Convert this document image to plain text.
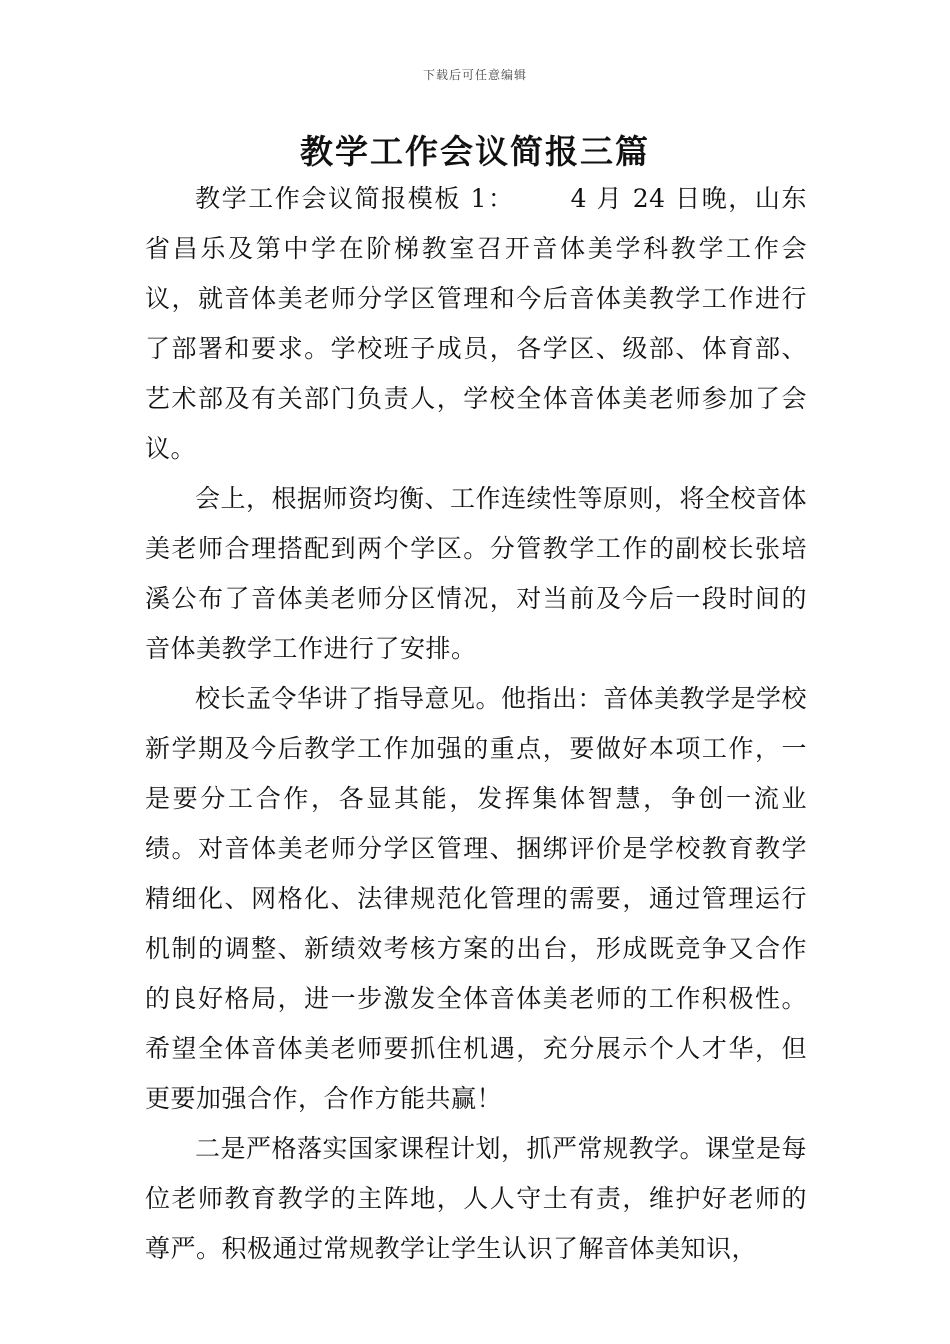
下载后可任意编辑
教学工作会议简报三篇

教学工作会议简报模板 1： 4 月 24 日晚，山东省昌乐及第中学在阶梯教室召开音体美学科教学工作会议，就音体美老师分学区管理和今后音体美教学工作进行了部署和要求。学校班子成员，各学区、级部、体育部、艺术部及有关部门负责人，学校全体音体美老师参加了会议。

会上，根据师资均衡、工作连续性等原则，将全校音体美老师合理搭配到两个学区。分管教学工作的副校长张培溪公布了音体美老师分区情况，对当前及今后一段时间的音体美教学工作进行了安排。

校长孟令华讲了指导意见。他指出：音体美教学是学校新学期及今后教学工作加强的重点，要做好本项工作，一是要分工合作，各显其能，发挥集体智慧，争创一流业绩。对音体美老师分学区管理、捆绑评价是学校教育教学精细化、网格化、法律规范化管理的需要，通过管理运行机制的调整、新绩效考核方案的出台，形成既竞争又合作的良好格局，进一步激发全体音体美老师的工作积极性。希望全体音体美老师要抓住机遇，充分展示个人才华，但更要加强合作，合作方能共赢！

二是严格落实国家课程计划，抓严常规教学。课堂是每位老师教育教学的主阵地，人人守土有责，维护好老师的尊严。积极通过常规教学让学生认识了解音体美知识，
